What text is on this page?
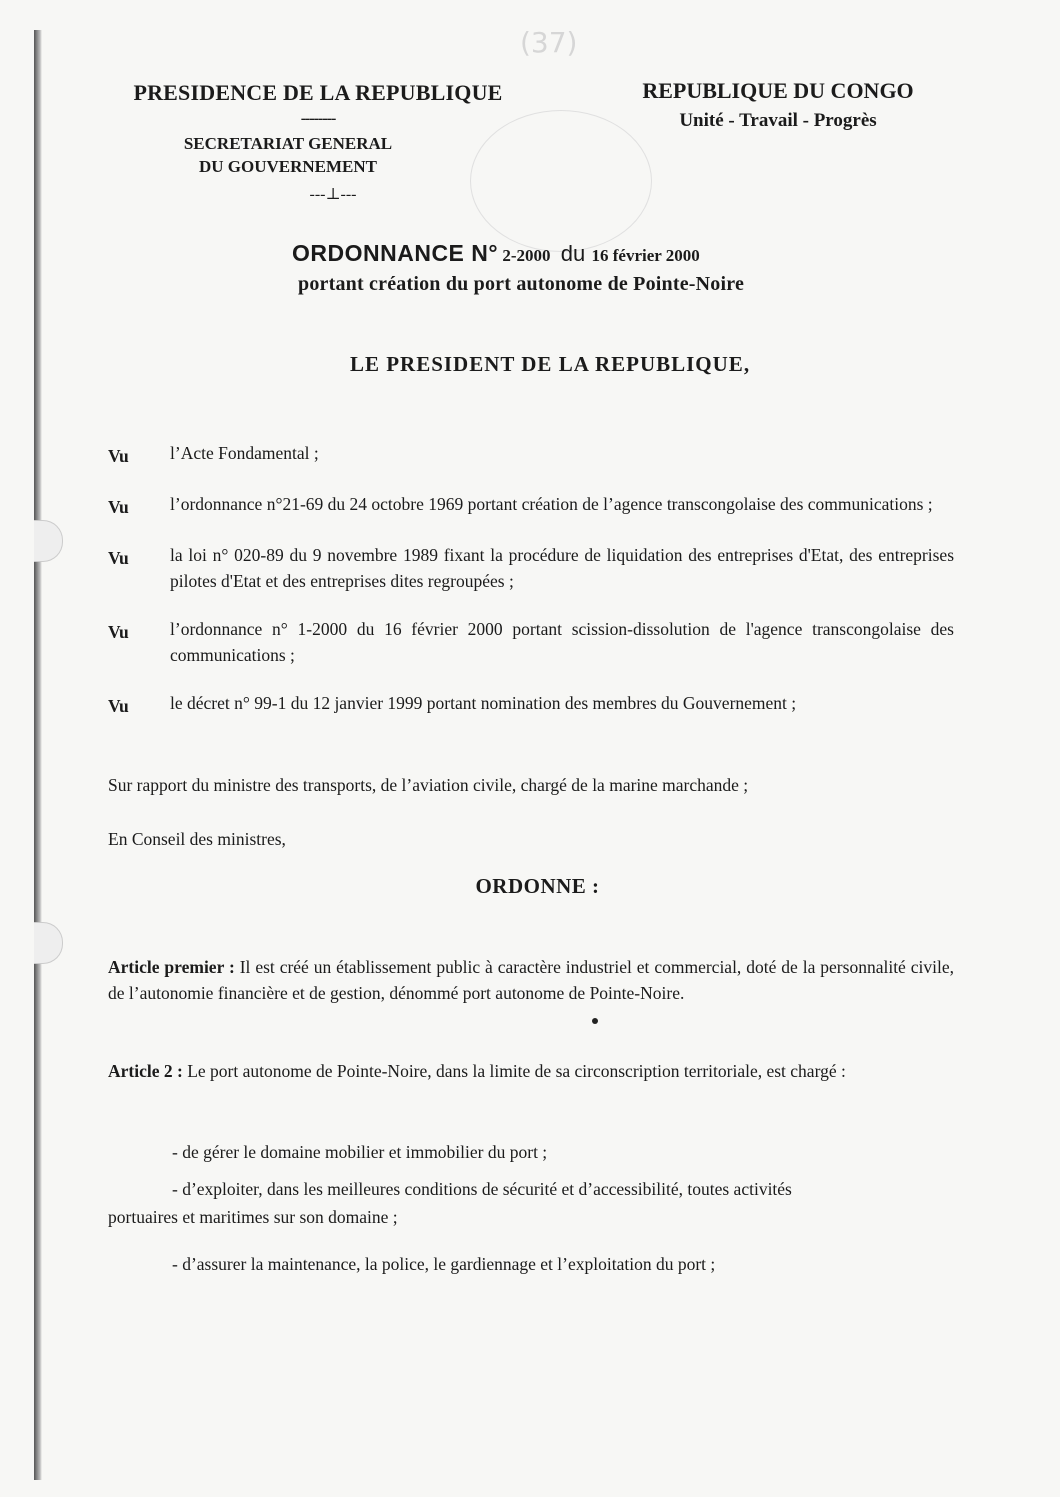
(37)
PRESIDENCE DE LA REPUBLIQUE
--------
SECRETARIAT GENERAL
DU GOUVERNEMENT
---⊥---
REPUBLIQUE DU CONGO
Unité - Travail - Progrès
ORDONNANCE N° 2-2000 du 16 février 2000
portant création du port autonome de Pointe-Noire
LE PRESIDENT DE LA REPUBLIQUE,
Vu	l’Acte Fondamental ;
Vu	l’ordonnance n°21-69 du 24 octobre 1969 portant création de l’agence transcongolaise des communications ;
Vu	la loi n° 020-89 du 9 novembre 1989 fixant la procédure de liquidation des entreprises d'Etat, des entreprises pilotes d'Etat et des entreprises dites regroupées ;
Vu	l’ordonnance n° 1-2000 du 16 février 2000 portant scission-dissolution de l'agence transcongolaise des communications ;
Vu	le décret n° 99-1 du 12 janvier 1999 portant nomination des membres du Gouvernement ;
Sur rapport du ministre des transports, de l’aviation civile, chargé de la marine marchande ;
En Conseil des ministres,
ORDONNE :
Article premier : Il est créé un établissement public à caractère industriel et commercial, doté de la personnalité civile, de l’autonomie financière et de gestion, dénommé port autonome de Pointe-Noire.
Article 2 : Le port autonome de Pointe-Noire, dans la limite de sa circonscription territoriale, est chargé :
- de gérer le domaine mobilier et immobilier du port ;
- d’exploiter, dans les meilleures conditions de sécurité et d’accessibilité, toutes activités
portuaires et maritimes sur son domaine ;
- d’assurer la maintenance, la police, le gardiennage et l’exploitation du port ;
